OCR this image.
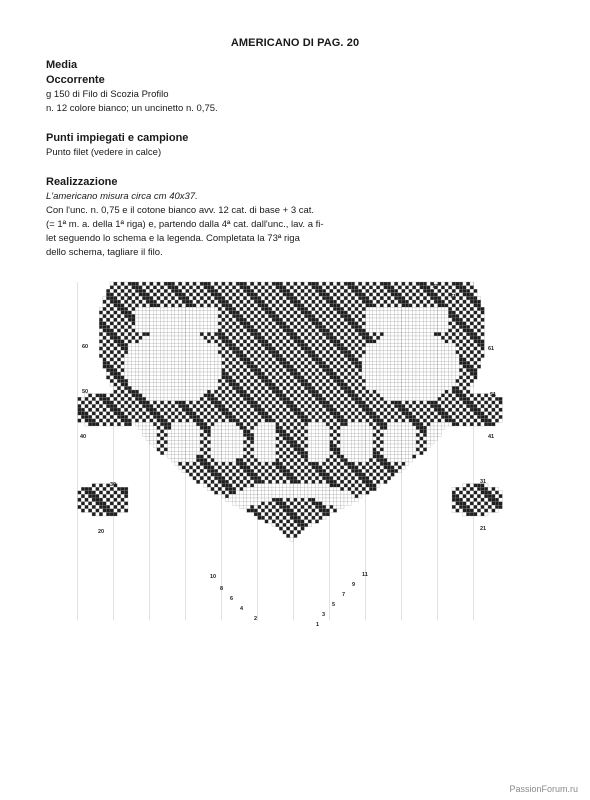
AMERICANO DI PAG. 20
Media
Occorrente
g 150 di Filo di Scozia Profilo
n. 12 colore bianco; un uncinetto n. 0,75.
Punti impiegati e campione
Punto filet (vedere in calce)
Realizzazione
L'americano misura circa cm 40x37.
Con l'unc. n. 0,75 e il cotone bianco avv. 12 cat. di base + 3 cat.
(= 1ª m. a. della 1ª riga) e, partendo dalla 4ª cat. dall'unc., lav. a fi-
let seguendo lo schema e la legenda. Completata la 73ª riga
dello schema, tagliare il filo.
70
60
50
40
30
20
10
8
6
4
2
73
71
61
51
41
31
21
11
9
7
5
3
1
PassionForum.ru
